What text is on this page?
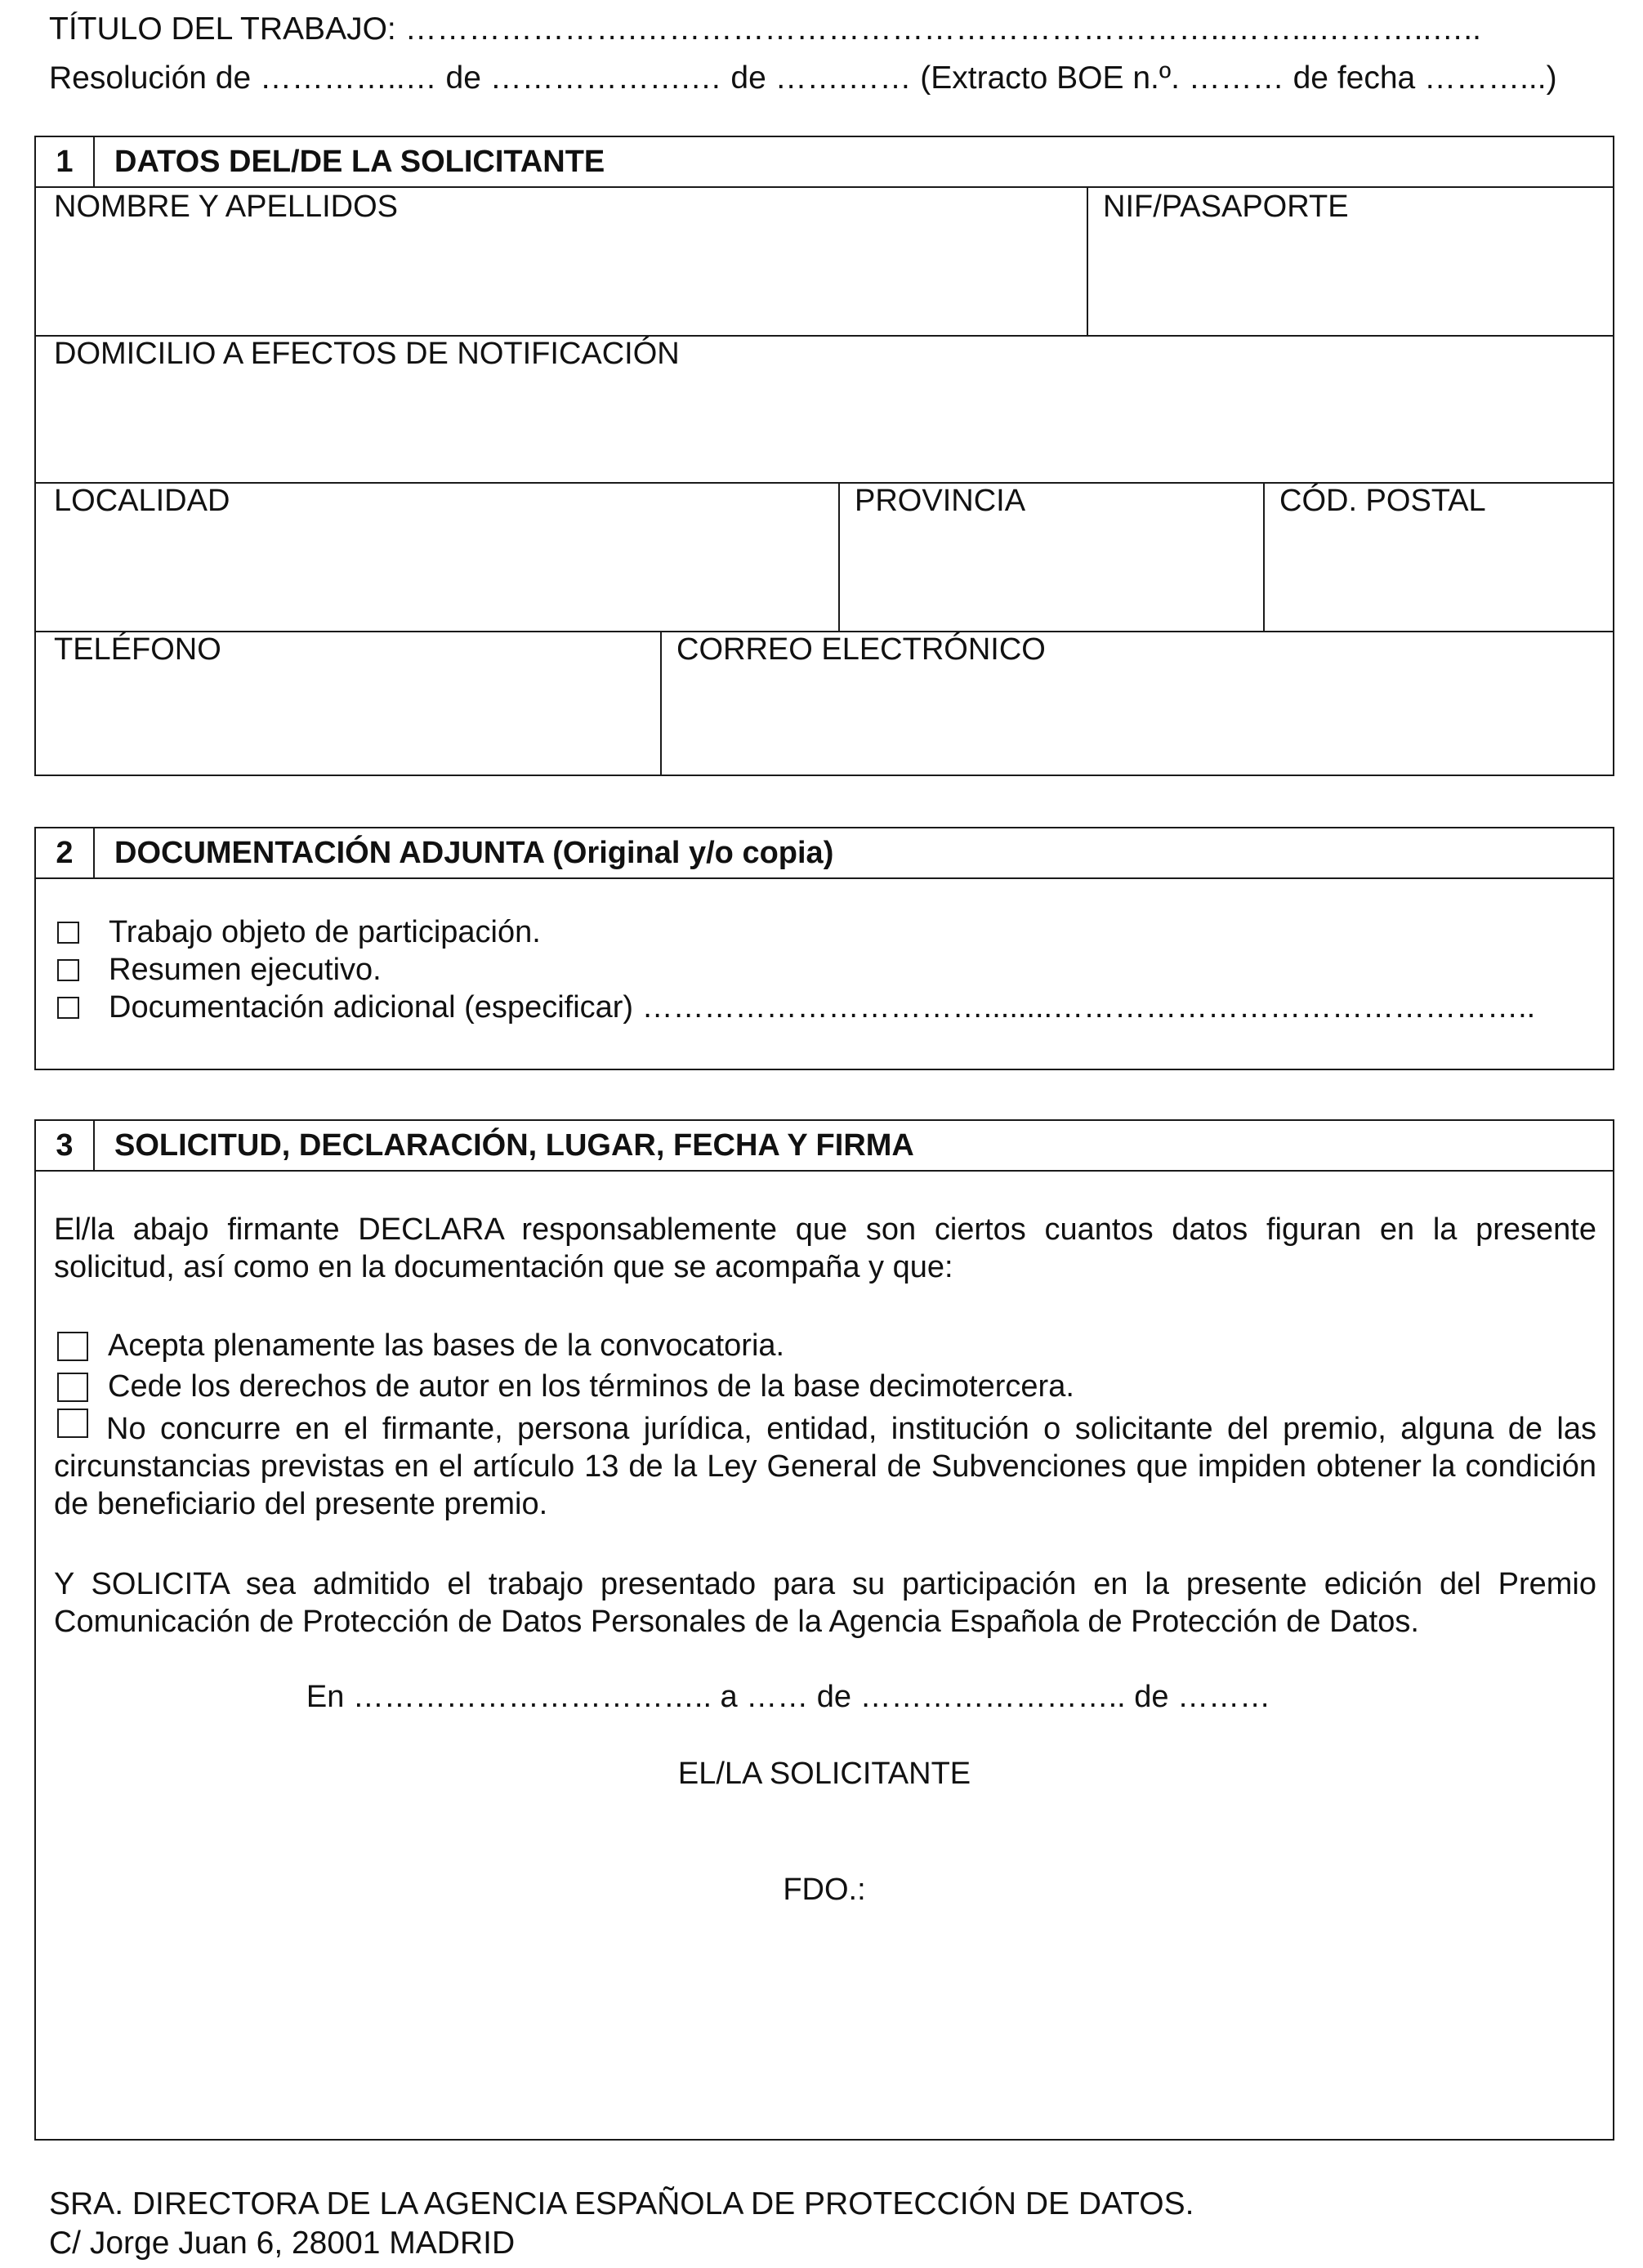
TÍTULO DEL TRABAJO: ………………….………………………………………………..……...………..…..
Resolución de …………..… de ……………….… de …….…… (Extracto BOE n.º. ……… de fecha ………...)
1	DATOS DEL/DE LA SOLICITANTE
NOMBRE Y APELLIDOS	NIF/PASAPORTE
DOMICILIO A EFECTOS DE NOTIFICACIÓN
LOCALIDAD	PROVINCIA	CÓD. POSTAL
TELÉFONO	CORREO ELECTRÓNICO
2	DOCUMENTACIÓN ADJUNTA (Original y/o copia)
Trabajo objeto de participación.
Resumen ejecutivo.
Documentación adicional (especificar) ……………………………........………………………………………..
3	SOLICITUD, DECLARACIÓN, LUGAR, FECHA Y FIRMA
El/la abajo firmante DECLARA responsablemente que son ciertos cuantos datos figuran en la presente solicitud, así como en la documentación que se acompaña y que:
Acepta plenamente las bases de la convocatoria.
Cede los derechos de autor en los términos de la base decimotercera.
No concurre en el firmante, persona jurídica, entidad, institución o solicitante del premio, alguna de las circunstancias previstas en el artículo 13 de la Ley General de Subvenciones que impiden obtener la condición de beneficiario del presente premio.
Y SOLICITA sea admitido el trabajo presentado para su participación en la presente edición del Premio Comunicación de Protección de Datos Personales de la Agencia Española de Protección de Datos.
En …………………………….. a …… de …………………….. de ………
EL/LA SOLICITANTE
FDO.:
SRA. DIRECTORA DE LA AGENCIA ESPAÑOLA DE PROTECCIÓN DE DATOS.
C/ Jorge Juan 6, 28001 MADRID
